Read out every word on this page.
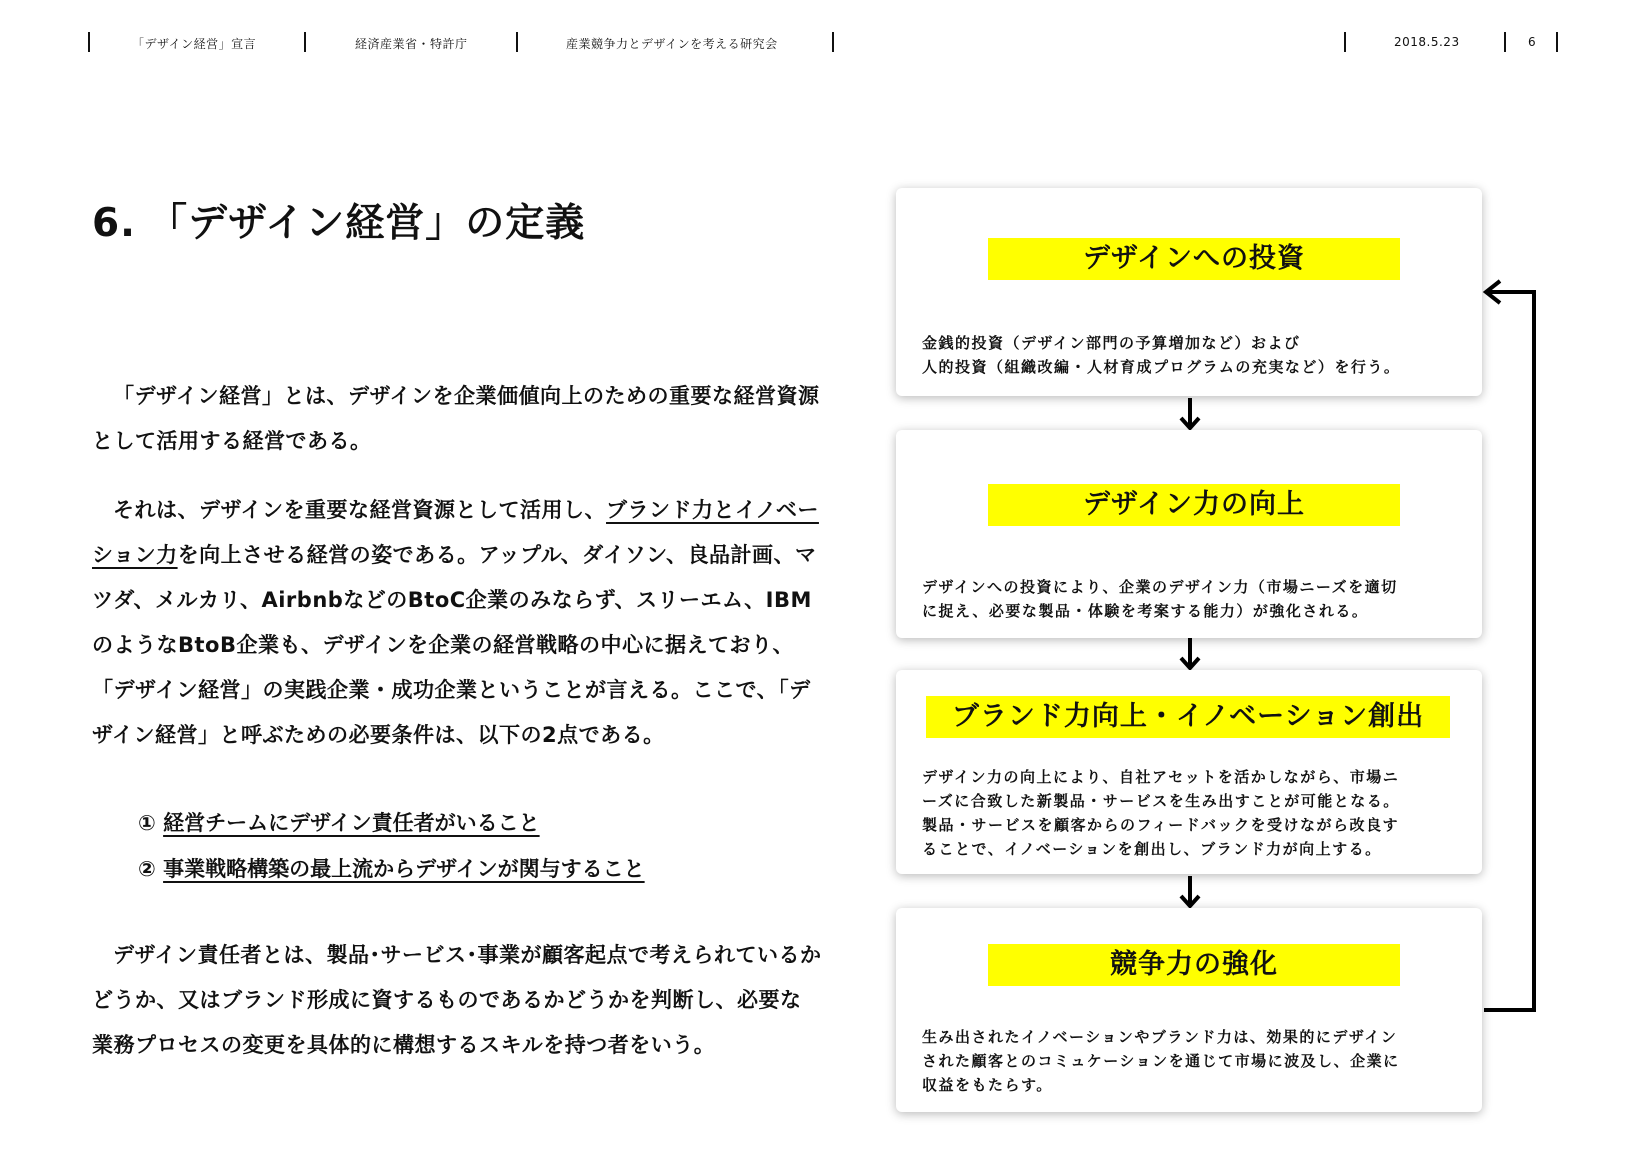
「デザイン経営」宣言	経済産業省・特許庁	産業競争力とデザインを考える研究会	2018.5.23	6
6. 「デザイン経営」の定義

「デザイン経営」とは、デザインを企業価値向上のための重要な経営資源として活用する経営である。

それは、デザインを重要な経営資源として活用し、ブランド力とイノベーション力を向上させる経営の姿である。アップル、ダイソン、良品計画、マツダ、メルカリ、AirbnbなどのBtoC企業のみならず、スリーエム、IBMのようなBtoB企業も、デザインを企業の経営戦略の中心に据えており、「デザイン経営」の実践企業・成功企業ということが言える。ここで、「デザイン経営」と呼ぶための必要条件は、以下の2点である。

① 経営チームにデザイン責任者がいること
② 事業戦略構築の最上流からデザインが関与すること

デザイン責任者とは、製品･サービス･事業が顧客起点で考えられているかどうか、又はブランド形成に資するものであるかどうかを判断し、必要な業務プロセスの変更を具体的に構想するスキルを持つ者をいう。

デザインへの投資
金銭的投資（デザイン部門の予算増加など）および
人的投資（組織改編・人材育成プログラムの充実など）を行う。
デザイン力の向上
デザインへの投資により、企業のデザイン力（市場ニーズを適切
に捉え、必要な製品・体験を考案する能力）が強化される。
ブランド力向上・イノベーション創出
デザイン力の向上により、自社アセットを活かしながら、市場ニ
ーズに合致した新製品・サービスを生み出すことが可能となる。
製品・サービスを顧客からのフィードバックを受けながら改良す
ることで、イノベーションを創出し、ブランド力が向上する。
競争力の強化
生み出されたイノベーションやブランド力は、効果的にデザイン
された顧客とのコミュケーションを通じて市場に波及し、企業に
収益をもたらす。
